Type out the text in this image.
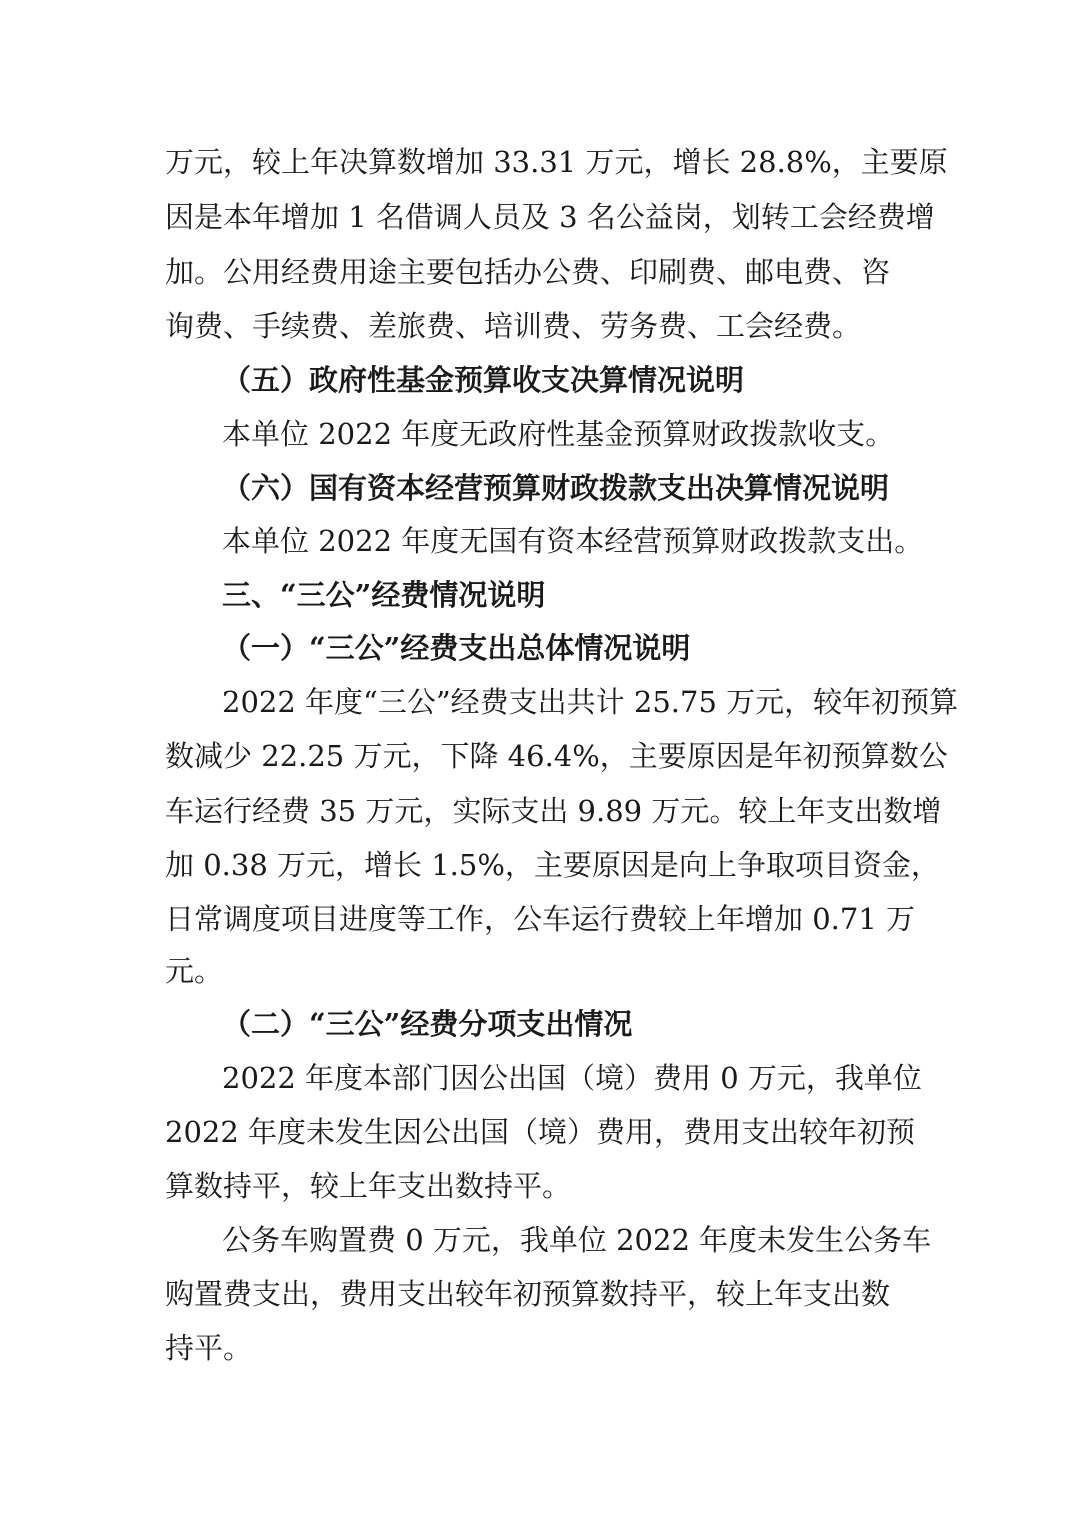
万元，较上年决算数增加 33.31 万元，增长 28.8%，主要原
因是本年增加 1 名借调人员及 3 名公益岗，划转工会经费增
加。公用经费用途主要包括办公费、印刷费、邮电费、咨
询费、手续费、差旅费、培训费、劳务费、工会经费。
（五）政府性基金预算收支决算情况说明
本单位 2022 年度无政府性基金预算财政拨款收支。
（六）国有资本经营预算财政拨款支出决算情况说明
本单位 2022 年度无国有资本经营预算财政拨款支出。
三、“三公”经费情况说明
（一）“三公”经费支出总体情况说明
2022 年度“三公”经费支出共计 25.75 万元，较年初预算
数减少 22.25 万元，下降 46.4%，主要原因是年初预算数公
车运行经费 35 万元，实际支出 9.89 万元。较上年支出数增
加 0.38 万元，增长 1.5%，主要原因是向上争取项目资金，
日常调度项目进度等工作，公车运行费较上年增加 0.71 万
元。
（二）“三公”经费分项支出情况
2022 年度本部门因公出国（境）费用 0 万元，我单位
2022 年度未发生因公出国（境）费用，费用支出较年初预
算数持平，较上年支出数持平。
公务车购置费 0 万元，我单位 2022 年度未发生公务车
购置费支出，费用支出较年初预算数持平，较上年支出数
持平。
